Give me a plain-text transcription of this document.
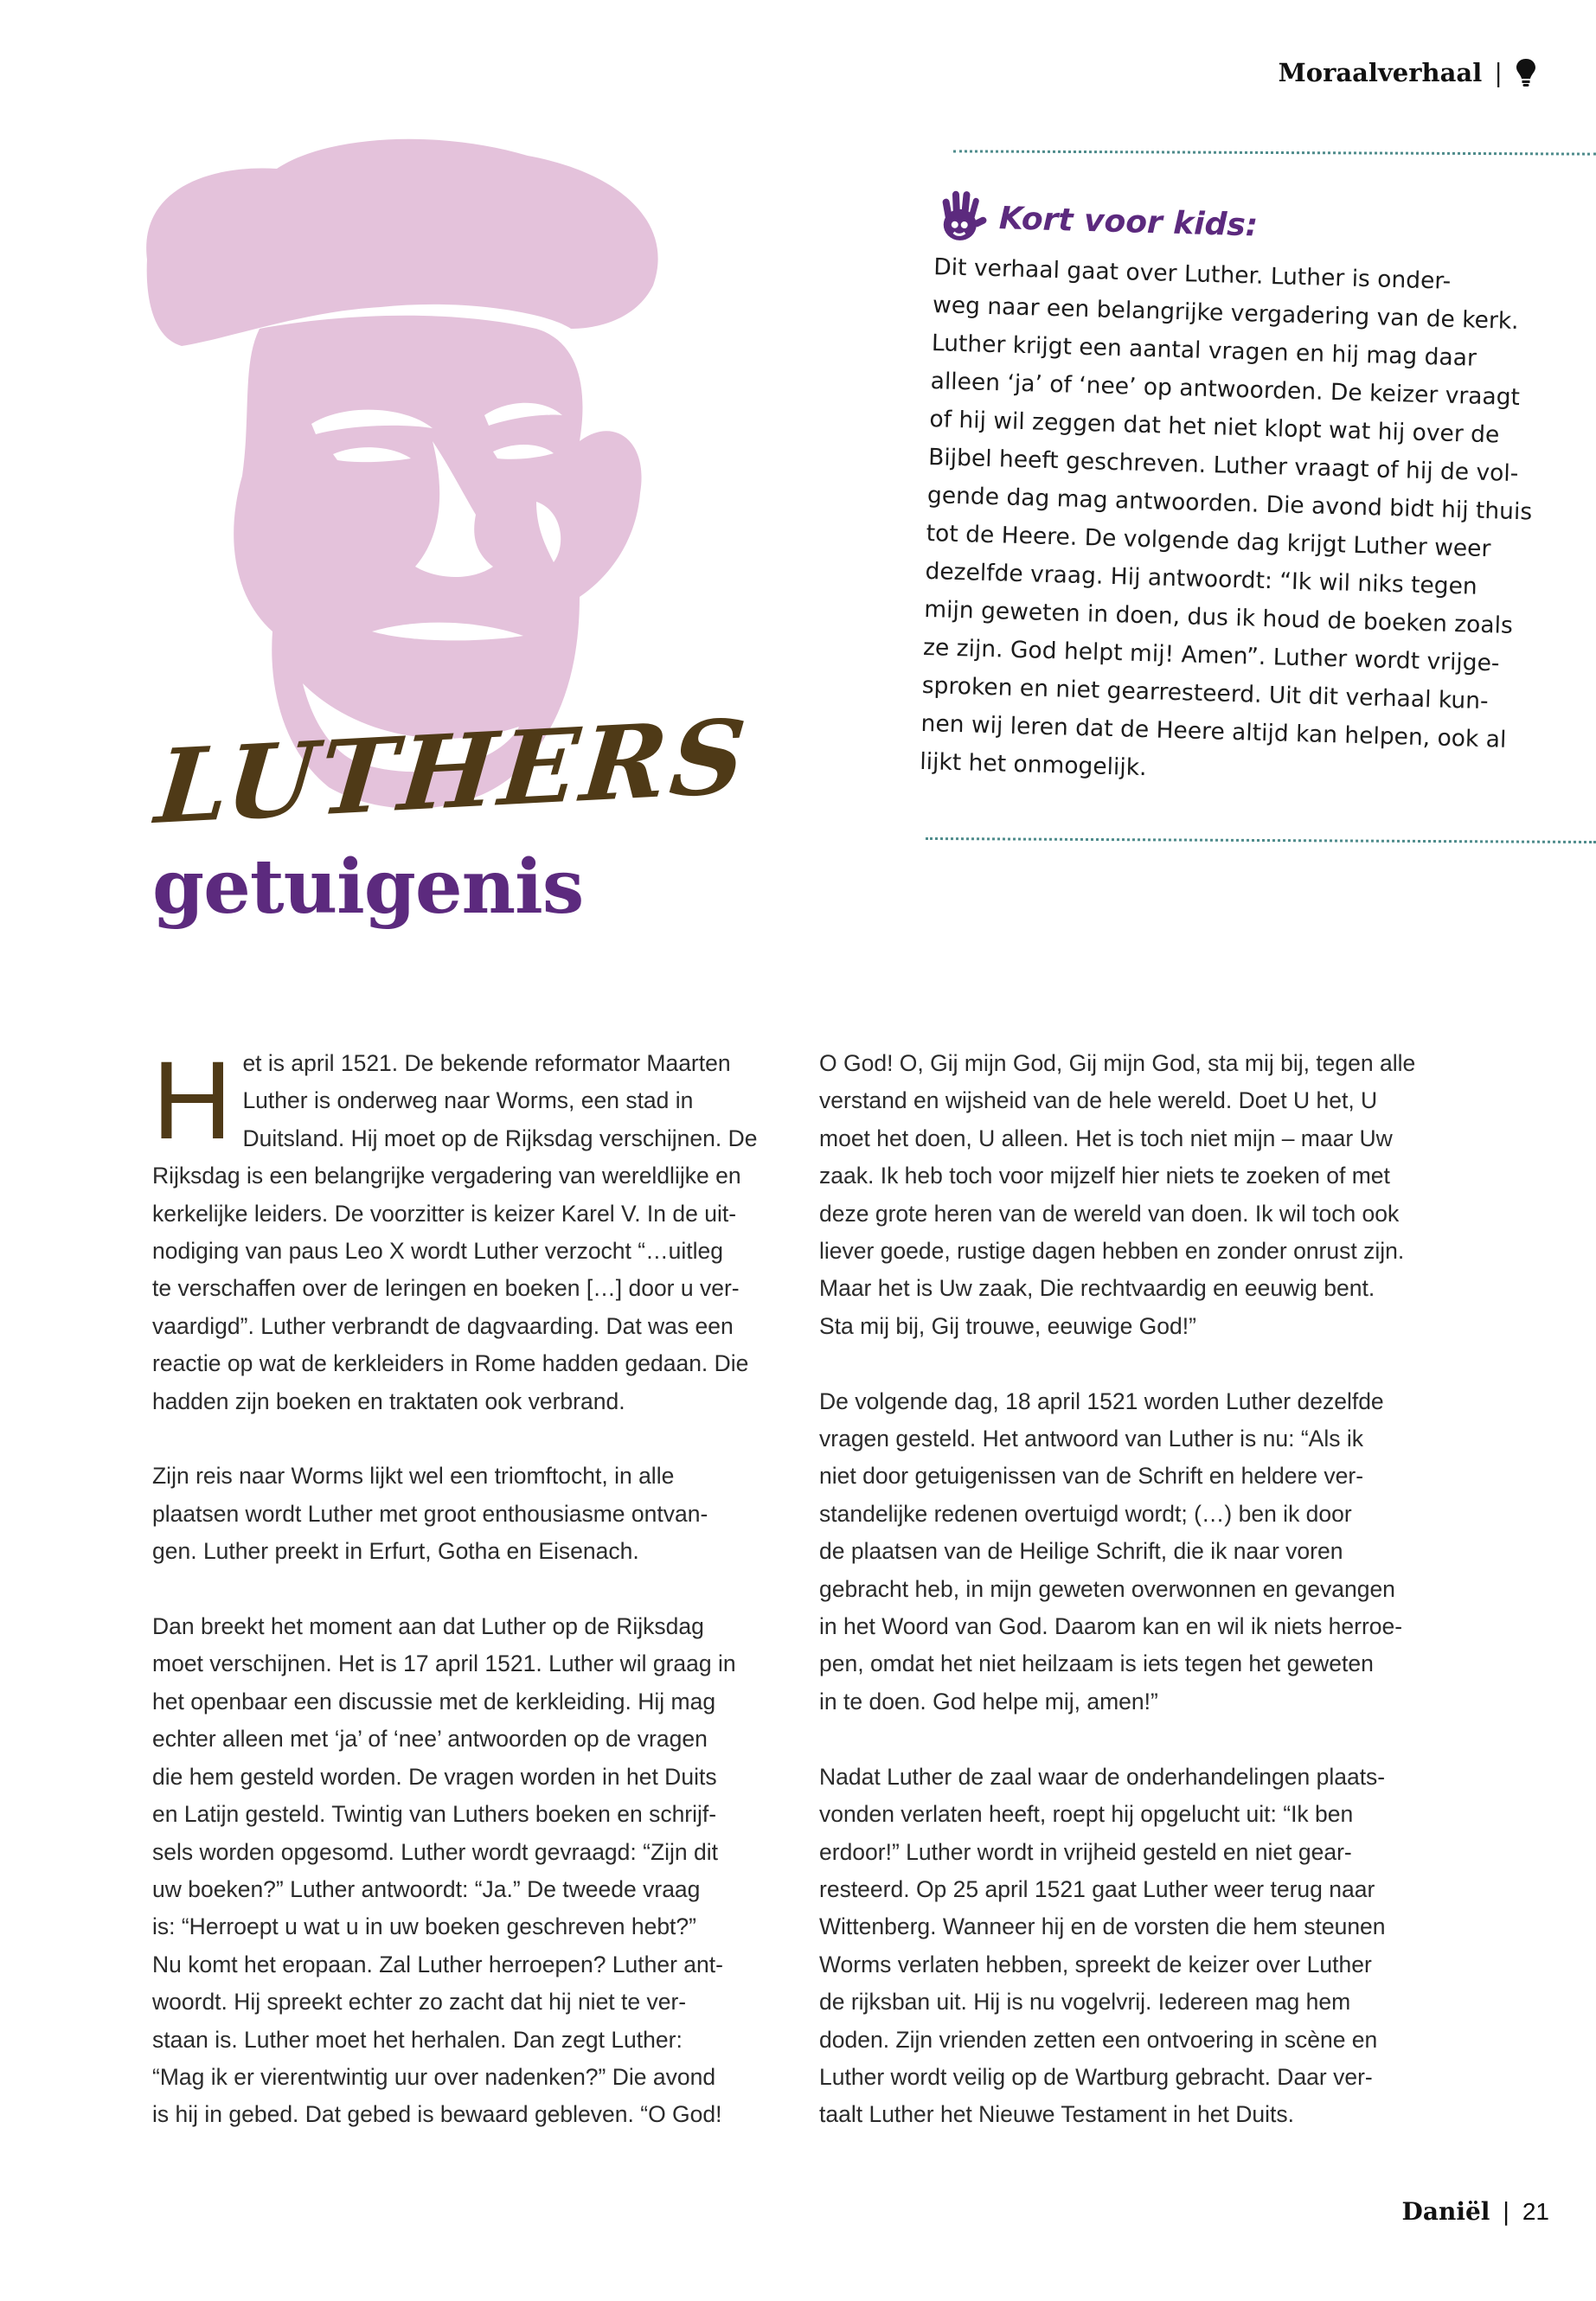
Moraalverhaal |
LUTHERS
getuigenis
Kort voor kids:
Dit verhaal gaat over Luther. Luther is onder-
weg naar een belangrijke vergadering van de kerk.
Luther krijgt een aantal vragen en hij mag daar
alleen ‘ja’ of ‘nee’ op antwoorden. De keizer vraagt
of hij wil zeggen dat het niet klopt wat hij over de
Bijbel heeft geschreven. Luther vraagt of hij de vol-
gende dag mag antwoorden. Die avond bidt hij thuis
tot de Heere. De volgende dag krijgt Luther weer
dezelfde vraag. Hij antwoordt: “Ik wil niks tegen
mijn geweten in doen, dus ik houd de boeken zoals
ze zijn. God helpt mij! Amen”. Luther wordt vrijge-
sproken en niet gearresteerd. Uit dit verhaal kun-
nen wij leren dat de Heere altijd kan helpen, ook al
lijkt het onmogelijk.

H et is april 1521. De bekende reformator Maarten
Luther is onderweg naar Worms, een stad in
Duitsland. Hij moet op de Rijksdag verschijnen. De
Rijksdag is een belangrijke vergadering van wereldlijke en
kerkelijke leiders. De voorzitter is keizer Karel V. In de uit-
nodiging van paus Leo X wordt Luther verzocht “…uitleg
te verschaffen over de leringen en boeken […] door u ver-
vaardigd”. Luther verbrandt de dagvaarding. Dat was een
reactie op wat de kerkleiders in Rome hadden gedaan. Die
hadden zijn boeken en traktaten ook verbrand.

Zijn reis naar Worms lijkt wel een triomftocht, in alle
plaatsen wordt Luther met groot enthousiasme ontvan-
gen. Luther preekt in Erfurt, Gotha en Eisenach.

Dan breekt het moment aan dat Luther op de Rijksdag
moet verschijnen. Het is 17 april 1521. Luther wil graag in
het openbaar een discussie met de kerkleiding. Hij mag
echter alleen met ‘ja’ of ‘nee’ antwoorden op de vragen
die hem gesteld worden. De vragen worden in het Duits
en Latijn gesteld. Twintig van Luthers boeken en schrijf-
sels worden opgesomd. Luther wordt gevraagd: “Zijn dit
uw boeken?” Luther antwoordt: “Ja.” De tweede vraag
is: “Herroept u wat u in uw boeken geschreven hebt?”
Nu komt het eropaan. Zal Luther herroepen? Luther ant-
woordt. Hij spreekt echter zo zacht dat hij niet te ver-
staan is. Luther moet het herhalen. Dan zegt Luther:
“Mag ik er vierentwintig uur over nadenken?” Die avond
is hij in gebed. Dat gebed is bewaard gebleven. “O God!

O God! O, Gij mijn God, Gij mijn God, sta mij bij, tegen alle
verstand en wijsheid van de hele wereld. Doet U het, U
moet het doen, U alleen. Het is toch niet mijn – maar Uw
zaak. Ik heb toch voor mijzelf hier niets te zoeken of met
deze grote heren van de wereld van doen. Ik wil toch ook
liever goede, rustige dagen hebben en zonder onrust zijn.
Maar het is Uw zaak, Die rechtvaardig en eeuwig bent.
Sta mij bij, Gij trouwe, eeuwige God!”

De volgende dag, 18 april 1521 worden Luther dezelfde
vragen gesteld. Het antwoord van Luther is nu: “Als ik
niet door getuigenissen van de Schrift en heldere ver-
standelijke redenen overtuigd wordt; (…) ben ik door
de plaatsen van de Heilige Schrift, die ik naar voren
gebracht heb, in mijn geweten overwonnen en gevangen
in het Woord van God. Daarom kan en wil ik niets herroe-
pen, omdat het niet heilzaam is iets tegen het geweten
in te doen. God helpe mij, amen!”

Nadat Luther de zaal waar de onderhandelingen plaats-
vonden verlaten heeft, roept hij opgelucht uit: “Ik ben
erdoor!” Luther wordt in vrijheid gesteld en niet gear-
resteerd. Op 25 april 1521 gaat Luther weer terug naar
Wittenberg. Wanneer hij en de vorsten die hem steunen
Worms verlaten hebben, spreekt de keizer over Luther
de rijksban uit. Hij is nu vogelvrij. Iedereen mag hem
doden. Zijn vrienden zetten een ontvoering in scène en
Luther wordt veilig op de Wartburg gebracht. Daar ver-
taalt Luther het Nieuwe Testament in het Duits.

Daniël | 21
